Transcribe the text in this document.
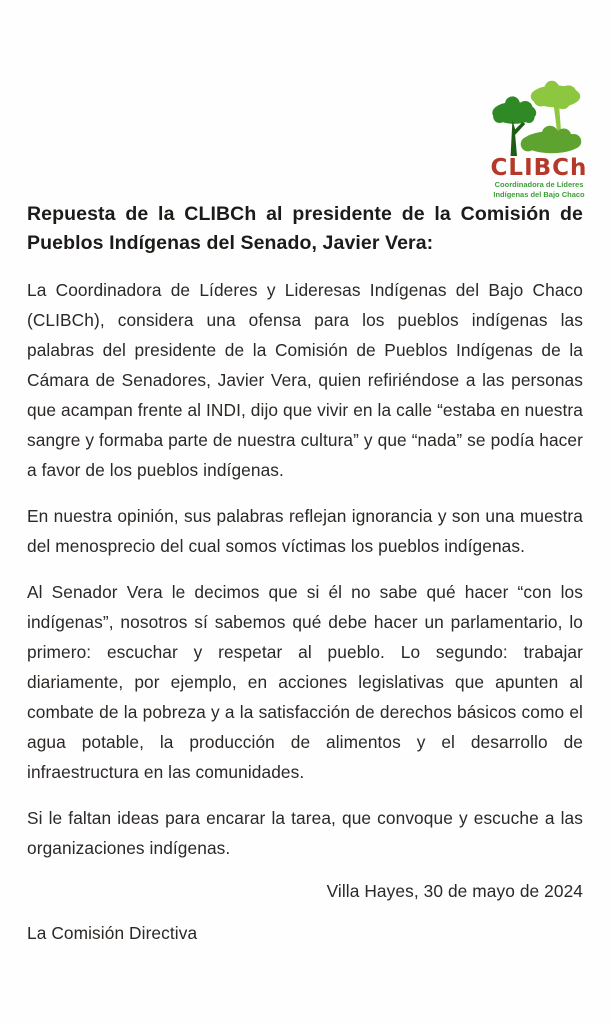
CLIBCh
Coordinadora de Líderes
Indígenas del Bajo Chaco
Repuesta de la CLIBCh al presidente de la Comisión de Pueblos Indígenas del Senado, Javier Vera:

La Coordinadora de Líderes y Lideresas Indígenas del Bajo Chaco (CLIBCh), considera una ofensa para los pueblos indígenas las palabras del presidente de la Comisión de Pueblos Indígenas de la Cámara de Senadores, Javier Vera, quien refiriéndose a las personas que acampan frente al INDI, dijo que vivir en la calle “estaba en nuestra sangre y formaba parte de nuestra cultura” y que “nada” se podía hacer a favor de los pueblos indígenas.

En nuestra opinión, sus palabras reflejan ignorancia y son una muestra del menosprecio del cual somos víctimas los pueblos indígenas.

Al Senador Vera le decimos que si él no sabe qué hacer “con los indígenas”, nosotros sí sabemos qué debe hacer un parlamentario, lo primero: escuchar y respetar al pueblo. Lo segundo: trabajar diariamente, por ejemplo, en acciones legislativas que apunten al combate de la pobreza y a la satisfacción de derechos básicos como el agua potable, la producción de alimentos y el desarrollo de infraestructura en las comunidades.

Si le faltan ideas para encarar la tarea, que convoque y escuche a las organizaciones indígenas.

Villa Hayes, 30 de mayo de 2024

La Comisión Directiva
